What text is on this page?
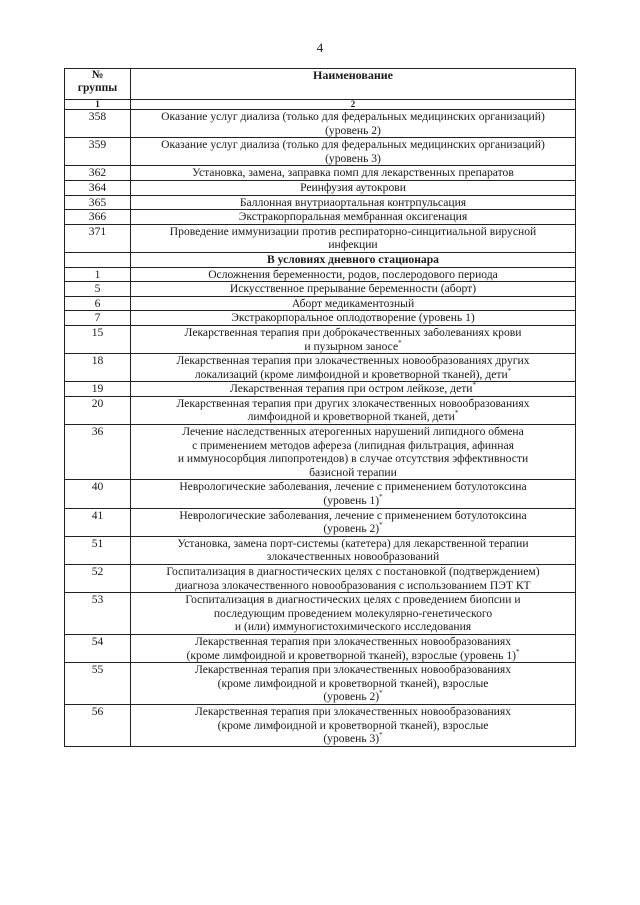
4
№
группы	Наименование
1	2
358	Оказание услуг диализа (только для федеральных медицинских организаций)
(уровень 2)
359	Оказание услуг диализа (только для федеральных медицинских организаций)
(уровень 3)
362	Установка, замена, заправка помп для лекарственных препаратов
364	Реинфузия аутокрови
365	Баллонная внутриаортальная контрпульсация
366	Экстракорпоральная мембранная оксигенация
371	Проведение иммунизации против респираторно-синцитиальной вирусной
инфекции
	В условиях дневного стационара
1	Осложнения беременности, родов, послеродового периода
5	Искусственное прерывание беременности (аборт)
6	Аборт медикаментозный
7	Экстракорпоральное оплодотворение (уровень 1)
15	Лекарственная терапия при доброкачественных заболеваниях крови
и пузырном заносе*
18	Лекарственная терапия при злокачественных новообразованиях других
локализаций (кроме лимфоидной и кроветворной тканей), дети*
19	Лекарственная терапия при остром лейкозе, дети*
20	Лекарственная терапия при других злокачественных новообразованиях
лимфоидной и кроветворной тканей, дети*
36	Лечение наследственных атерогенных нарушений липидного обмена
с применением методов афереза (липидная фильтрация, афинная
и иммуносорбция липопротеидов) в случае отсутствия эффективности
базисной терапии
40	Неврологические заболевания, лечение с применением ботулотоксина
(уровень 1)*
41	Неврологические заболевания, лечение с применением ботулотоксина
(уровень 2)*
51	Установка, замена порт-системы (катетера) для лекарственной терапии
злокачественных новообразований
52	Госпитализация в диагностических целях с постановкой (подтверждением)
диагноза злокачественного новообразования с использованием ПЭТ КТ
53	Госпитализация в диагностических целях с проведением биопсии и
последующим проведением молекулярно-генетического
и (или) иммуногистохимического исследования
54	Лекарственная терапия при злокачественных новообразованиях
(кроме лимфоидной и кроветворной тканей), взрослые (уровень 1)*
55	Лекарственная терапия при злокачественных новообразованиях
(кроме лимфоидной и кроветворной тканей), взрослые
(уровень 2)*
56	Лекарственная терапия при злокачественных новообразованиях
(кроме лимфоидной и кроветворной тканей), взрослые
(уровень 3)*
